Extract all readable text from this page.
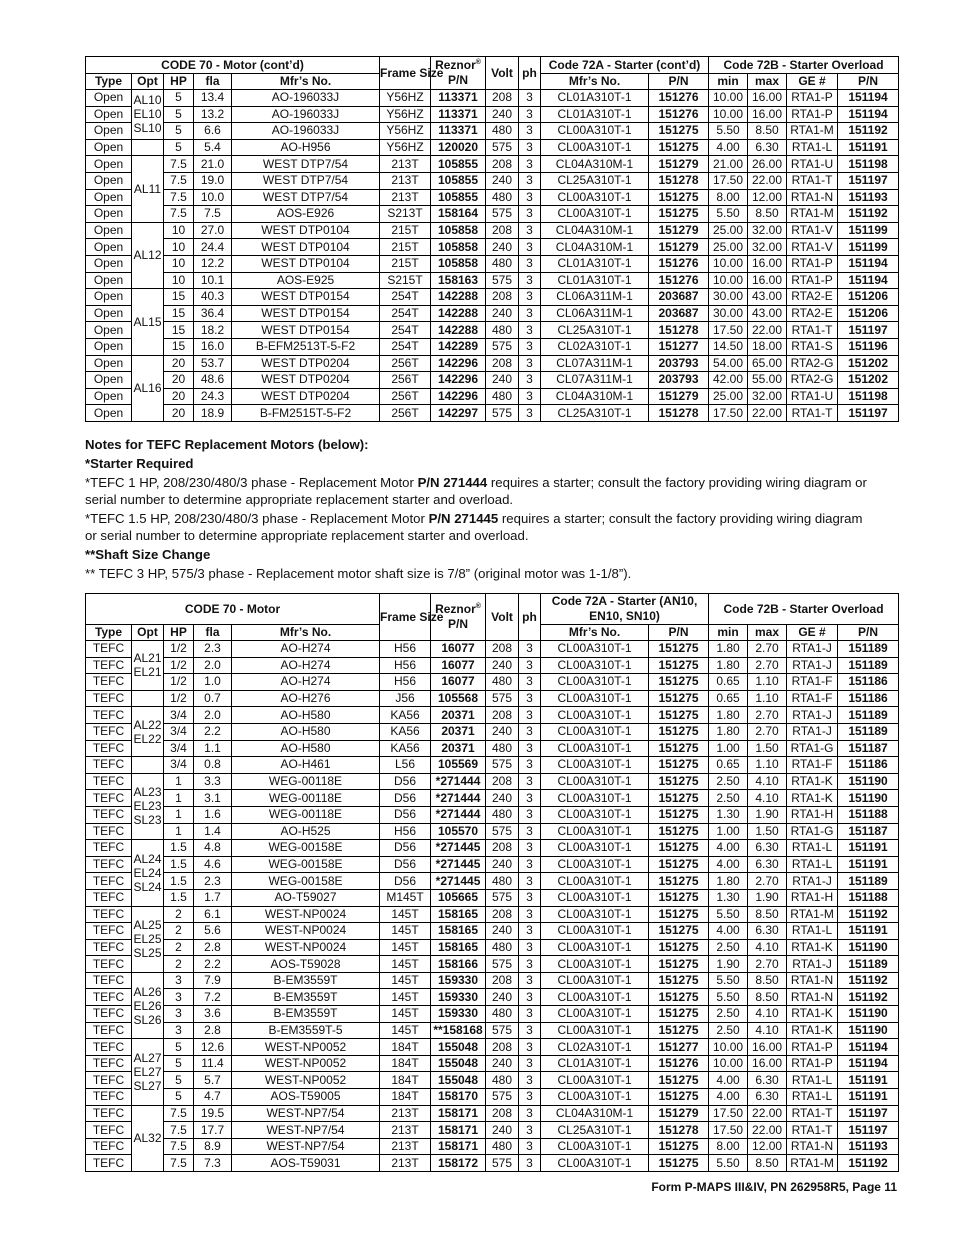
CODE 70 - Motor (cont’d)					Frame Size	Reznor®
P/N	Volt	ph	Code 72A - Starter (cont’d)		Code 72B - Starter Overload			
Type	Opt	HP	fla	Mfr’s No.					Mfr’s No.	P/N	min	max	GE #	P/N
Open	AL10 EL10 SL10	5	13.4	AO-196033J	Y56HZ	113371	208	3	CL01A310T-1	151276	10.00	16.00	RTA1-P	151194
Open		5	13.2	AO-196033J	Y56HZ	113371	240	3	CL01A310T-1	151276	10.00	16.00	RTA1-P	151194
Open		5	6.6	AO-196033J	Y56HZ	113371	480	3	CL00A310T-1	151275	5.50	8.50	RTA1-M	151192
Open		5	5.4	AO-H956	Y56HZ	120020	575	3	CL00A310T-1	151275	4.00	6.30	RTA1-L	151191
Open	AL11	7.5	21.0	WEST DTP7/54	213T	105855	208	3	CL04A310M-1	151279	21.00	26.00	RTA1-U	151198
Open		7.5	19.0	WEST DTP7/54	213T	105855	240	3	CL25A310T-1	151278	17.50	22.00	RTA1-T	151197
Open		7.5	10.0	WEST DTP7/54	213T	105855	480	3	CL00A310T-1	151275	8.00	12.00	RTA1-N	151193
Open		7.5	7.5	AOS-E926	S213T	158164	575	3	CL00A310T-1	151275	5.50	8.50	RTA1-M	151192
Open	AL12	10	27.0	WEST DTP0104	215T	105858	208	3	CL04A310M-1	151279	25.00	32.00	RTA1-V	151199
Open		10	24.4	WEST DTP0104	215T	105858	240	3	CL04A310M-1	151279	25.00	32.00	RTA1-V	151199
Open		10	12.2	WEST DTP0104	215T	105858	480	3	CL01A310T-1	151276	10.00	16.00	RTA1-P	151194
Open		10	10.1	AOS-E925	S215T	158163	575	3	CL01A310T-1	151276	10.00	16.00	RTA1-P	151194
Open	AL15	15	40.3	WEST DTP0154	254T	142288	208	3	CL06A311M-1	203687	30.00	43.00	RTA2-E	151206
Open		15	36.4	WEST DTP0154	254T	142288	240	3	CL06A311M-1	203687	30.00	43.00	RTA2-E	151206
Open		15	18.2	WEST DTP0154	254T	142288	480	3	CL25A310T-1	151278	17.50	22.00	RTA1-T	151197
Open		15	16.0	B-EFM2513T-5-F2	254T	142289	575	3	CL02A310T-1	151277	14.50	18.00	RTA1-S	151196
Open	AL16	20	53.7	WEST DTP0204	256T	142296	208	3	CL07A311M-1	203793	54.00	65.00	RTA2-G	151202
Open		20	48.6	WEST DTP0204	256T	142296	240	3	CL07A311M-1	203793	42.00	55.00	RTA2-G	151202
Open		20	24.3	WEST DTP0204	256T	142296	480	3	CL04A310M-1	151279	25.00	32.00	RTA1-U	151198
Open		20	18.9	B-FM2515T-5-F2	256T	142297	575	3	CL25A310T-1	151278	17.50	22.00	RTA1-T	151197

Notes for TEFC Replacement Motors (below):

*Starter Required

*TEFC 1 HP, 208/230/480/3 phase - Replacement Motor P/N 271444 requires a starter; consult the factory providing wiring diagram or serial number to determine appropriate replacement starter and overload.

*TEFC 1.5 HP, 208/230/480/3 phase - Replacement Motor P/N 271445 requires a starter; consult the factory providing wiring diagram or serial number to determine appropriate replacement starter and overload.

**Shaft Size Change

** TEFC 3 HP, 575/3 phase - Replacement motor shaft size is 7/8” (original motor was 1-1/8”).

CODE 70 - Motor					Frame Size	Reznor®
P/N	Volt	ph	Code 72A - Starter (AN10, EN10, SN10)		Code 72B - Starter Overload			
Type	Opt	HP	fla	Mfr’s No.					Mfr’s No.	P/N	min	max	GE #	P/N
TEFC	AL21 EL21	1/2	2.3	AO-H274	H56	16077	208	3	CL00A310T-1	151275	1.80	2.70	RTA1-J	151189
TEFC		1/2	2.0	AO-H274	H56	16077	240	3	CL00A310T-1	151275	1.80	2.70	RTA1-J	151189
TEFC		1/2	1.0	AO-H274	H56	16077	480	3	CL00A310T-1	151275	0.65	1.10	RTA1-F	151186
TEFC		1/2	0.7	AO-H276	J56	105568	575	3	CL00A310T-1	151275	0.65	1.10	RTA1-F	151186
TEFC	AL22 EL22	3/4	2.0	AO-H580	KA56	20371	208	3	CL00A310T-1	151275	1.80	2.70	RTA1-J	151189
TEFC		3/4	2.2	AO-H580	KA56	20371	240	3	CL00A310T-1	151275	1.80	2.70	RTA1-J	151189
TEFC		3/4	1.1	AO-H580	KA56	20371	480	3	CL00A310T-1	151275	1.00	1.50	RTA1-G	151187
TEFC		3/4	0.8	AO-H461	L56	105569	575	3	CL00A310T-1	151275	0.65	1.10	RTA1-F	151186
TEFC	AL23 EL23 SL23	1	3.3	WEG-00118E	D56	*271444	208	3	CL00A310T-1	151275	2.50	4.10	RTA1-K	151190
TEFC		1	3.1	WEG-00118E	D56	*271444	240	3	CL00A310T-1	151275	2.50	4.10	RTA1-K	151190
TEFC		1	1.6	WEG-00118E	D56	*271444	480	3	CL00A310T-1	151275	1.30	1.90	RTA1-H	151188
TEFC		1	1.4	AO-H525	H56	105570	575	3	CL00A310T-1	151275	1.00	1.50	RTA1-G	151187
TEFC	AL24 EL24 SL24	1.5	4.8	WEG-00158E	D56	*271445	208	3	CL00A310T-1	151275	4.00	6.30	RTA1-L	151191
TEFC		1.5	4.6	WEG-00158E	D56	*271445	240	3	CL00A310T-1	151275	4.00	6.30	RTA1-L	151191
TEFC		1.5	2.3	WEG-00158E	D56	*271445	480	3	CL00A310T-1	151275	1.80	2.70	RTA1-J	151189
TEFC		1.5	1.7	AO-T59027	M145T	105665	575	3	CL00A310T-1	151275	1.30	1.90	RTA1-H	151188
TEFC	AL25 EL25 SL25	2	6.1	WEST-NP0024	145T	158165	208	3	CL00A310T-1	151275	5.50	8.50	RTA1-M	151192
TEFC		2	5.6	WEST-NP0024	145T	158165	240	3	CL00A310T-1	151275	4.00	6.30	RTA1-L	151191
TEFC		2	2.8	WEST-NP0024	145T	158165	480	3	CL00A310T-1	151275	2.50	4.10	RTA1-K	151190
TEFC		2	2.2	AOS-T59028	145T	158166	575	3	CL00A310T-1	151275	1.90	2.70	RTA1-J	151189
TEFC	AL26 EL26 SL26	3	7.9	B-EM3559T	145T	159330	208	3	CL00A310T-1	151275	5.50	8.50	RTA1-N	151192
TEFC		3	7.2	B-EM3559T	145T	159330	240	3	CL00A310T-1	151275	5.50	8.50	RTA1-N	151192
TEFC		3	3.6	B-EM3559T	145T	159330	480	3	CL00A310T-1	151275	2.50	4.10	RTA1-K	151190
TEFC		3	2.8	B-EM3559T-5	145T	**158168	575	3	CL00A310T-1	151275	2.50	4.10	RTA1-K	151190
TEFC	AL27 EL27 SL27	5	12.6	WEST-NP0052	184T	155048	208	3	CL02A310T-1	151277	10.00	16.00	RTA1-P	151194
TEFC		5	11.4	WEST-NP0052	184T	155048	240	3	CL01A310T-1	151276	10.00	16.00	RTA1-P	151194
TEFC		5	5.7	WEST-NP0052	184T	155048	480	3	CL00A310T-1	151275	4.00	6.30	RTA1-L	151191
TEFC		5	4.7	AOS-T59005	184T	158170	575	3	CL00A310T-1	151275	4.00	6.30	RTA1-L	151191
TEFC	AL32	7.5	19.5	WEST-NP7/54	213T	158171	208	3	CL04A310M-1	151279	17.50	22.00	RTA1-T	151197
TEFC		7.5	17.7	WEST-NP7/54	213T	158171	240	3	CL25A310T-1	151278	17.50	22.00	RTA1-T	151197
TEFC		7.5	8.9	WEST-NP7/54	213T	158171	480	3	CL00A310T-1	151275	8.00	12.00	RTA1-N	151193
TEFC		7.5	7.3	AOS-T59031	213T	158172	575	3	CL00A310T-1	151275	5.50	8.50	RTA1-M	151192
Form P-MAPS III&IV, PN 262958R5, Page 11
